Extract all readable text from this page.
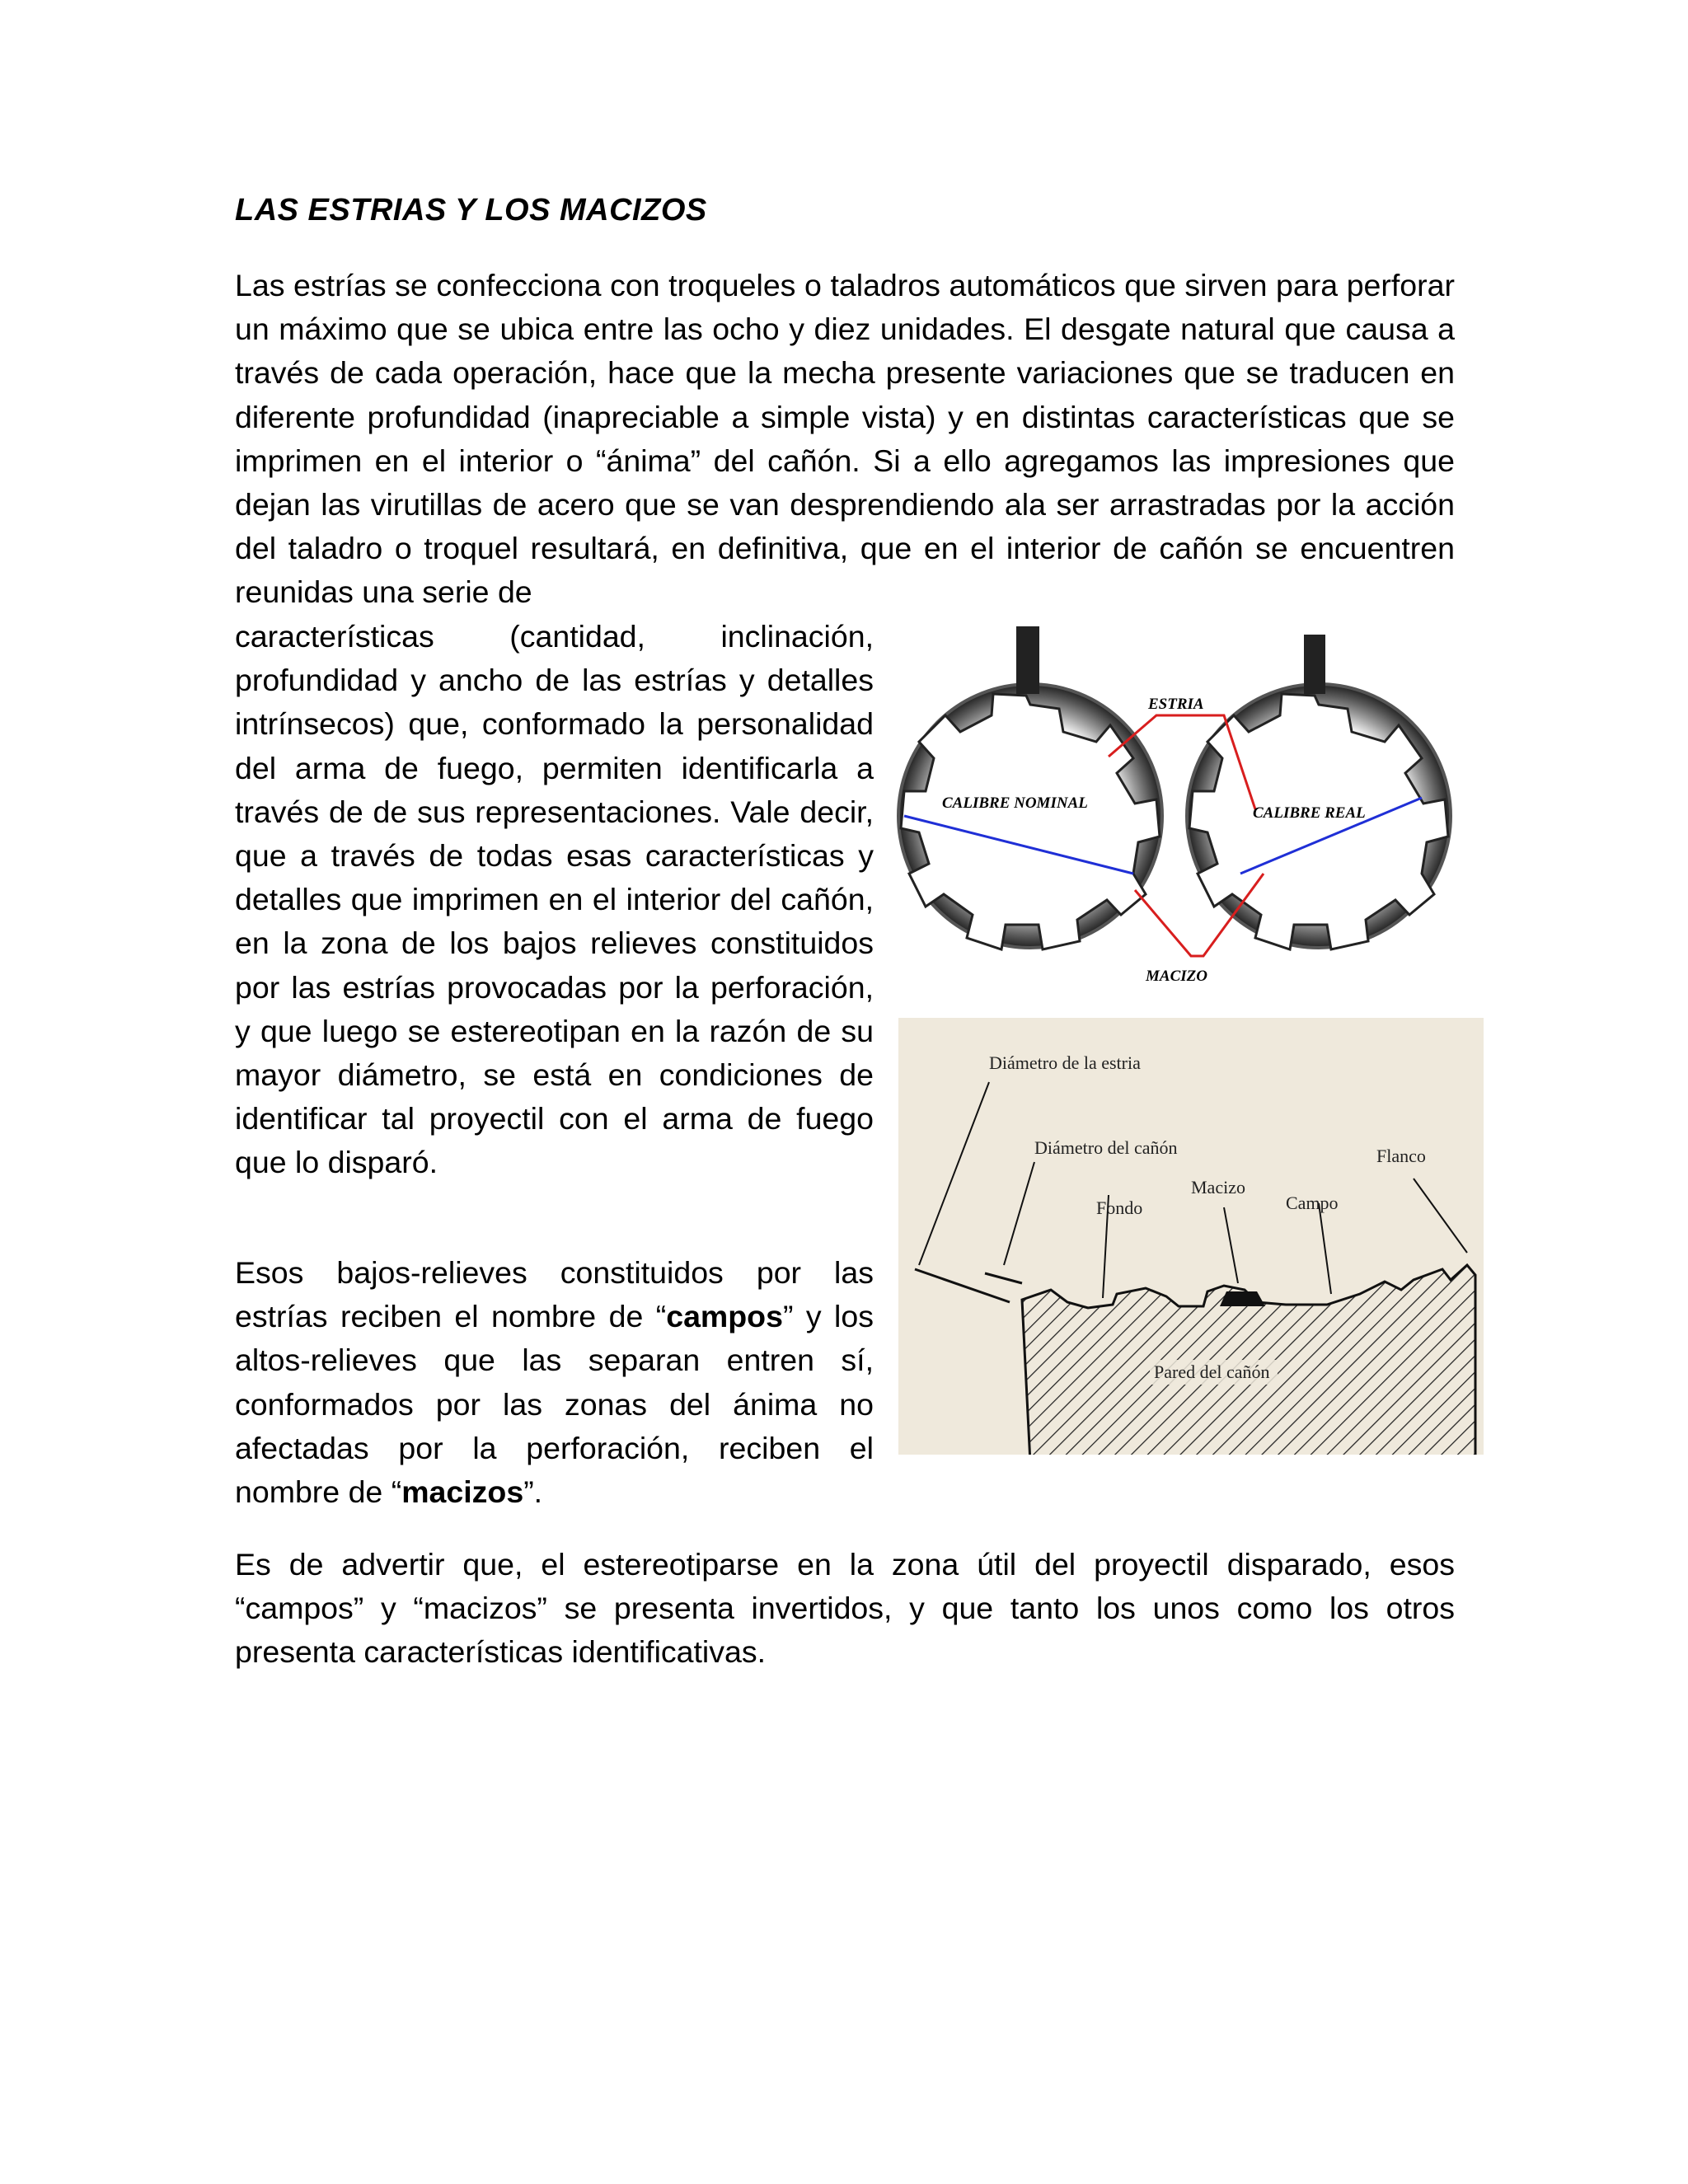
LAS ESTRIAS Y LOS MACIZOS

Las estrías se confecciona con troqueles o taladros automáticos que sirven para perforar un máximo que se ubica entre las ocho y diez unidades. El desgate natural que causa a través de cada operación, hace que la mecha presente variaciones que se traducen en diferente profundidad (inapreciable a simple vista) y en distintas características que se imprimen en el interior o “ánima” del cañón. Si a ello agregamos las impresiones que dejan las virutillas de acero que se van desprendiendo ala ser arrastradas por la acción del taladro o troquel resultará, en definitiva, que en el interior de cañón se encuentren reunidas una serie de

características (cantidad, inclinación, profundidad y ancho de las estrías y detalles intrínsecos) que, conformado la personalidad del arma de fuego, permiten identificarla a través de de sus representaciones. Vale decir, que a través de todas esas características y detalles que imprimen en el interior del cañón, en la zona de los bajos relieves constituidos por las estrías provocadas por la perforación, y que luego se estereotipan en la razón de su mayor diámetro, se está en condiciones de identificar tal proyectil con el arma de fuego que lo disparó.

Esos bajos-relieves constituidos por las estrías reciben el nombre de “campos” y los altos-relieves que las separan entren sí, conformados por las zonas del ánima no afectadas por la perforación, reciben el nombre de “macizos”.

Es de advertir que, el estereotiparse en la zona útil del proyectil disparado, esos “campos” y “macizos” se presenta invertidos, y que tanto los unos como los otros presenta características identificativas.

ESTRIA
CALIBRE NOMINAL
CALIBRE REAL
MACIZO
Diámetro de la estria
Diámetro del cañón	Flanco
Macizo
Fondo	Campo
Pared del cañón
